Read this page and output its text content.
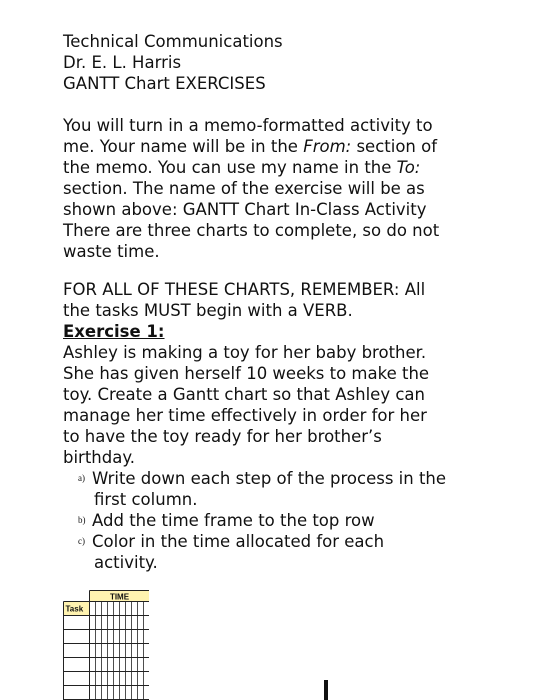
Technical Communications
Dr. E. L. Harris
GANTT Chart EXERCISES
You will turn in a memo-formatted activity to
me. Your name will be in the From: section of
the memo. You can use my name in the To:
section. The name of the exercise will be as
shown above: GANTT Chart In-Class Activity
There are three charts to complete, so do not
waste time.
FOR ALL OF THESE CHARTS, REMEMBER: All
the tasks MUST begin with a VERB.
Exercise 1:
Ashley is making a toy for her baby brother.
She has given herself 10 weeks to make the
toy. Create a Gantt chart so that Ashley can
manage her time effectively in order for her
to have the toy ready for her brother’s
birthday.
a) Write down each step of the process in the
first column.
b) Add the time frame to the top row
c) Color in the time allocated for each
activity.
TIME
Task
